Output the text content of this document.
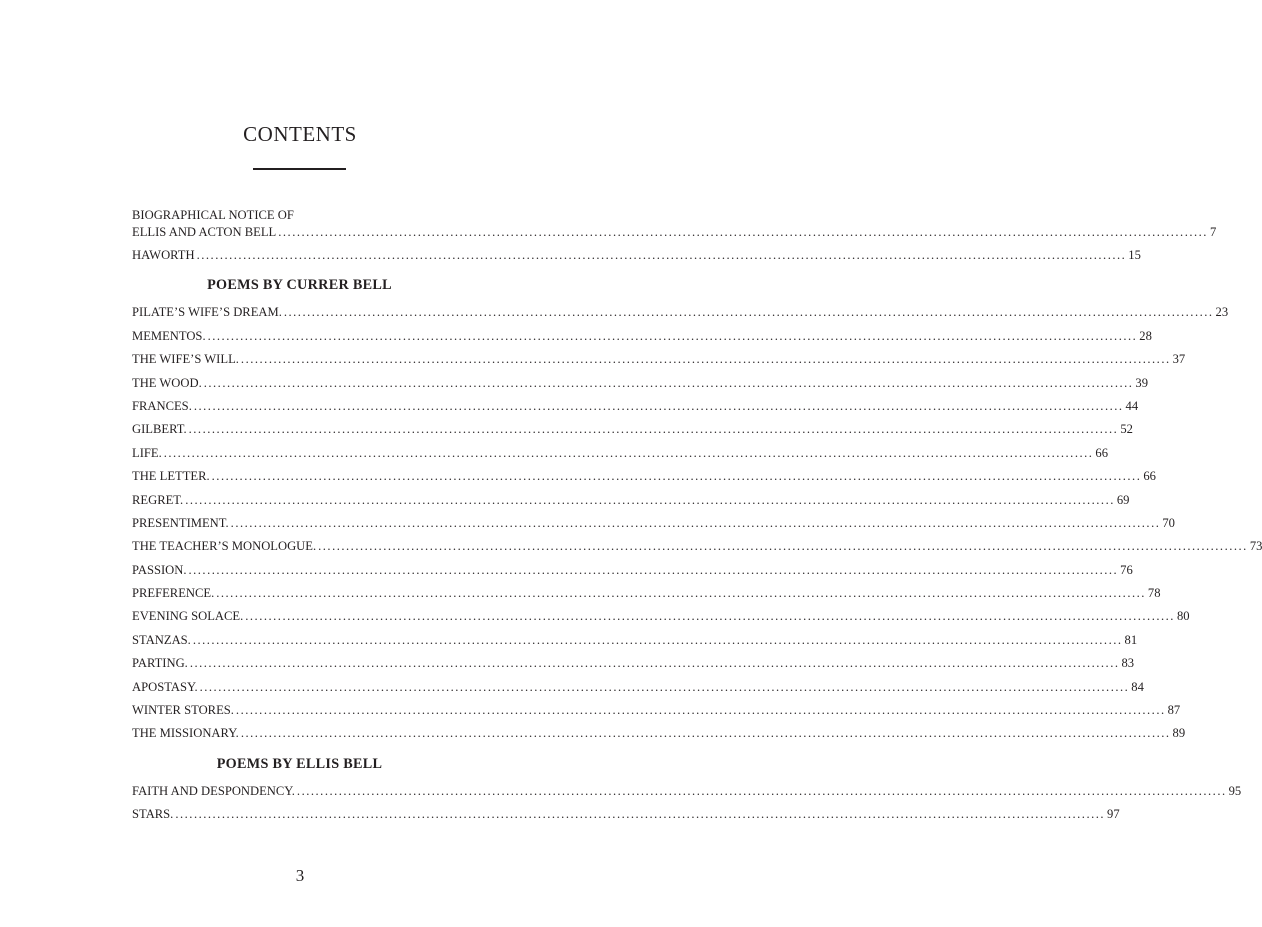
CONTENTS
BIOGRAPHICAL NOTICE OF
ELLIS AND ACTON BELL ........................................................................................................................................................................................................ 7
HAWORTH ........................................................................................................................................................................................................ 15
POEMS BY CURRER BELL
PILATE’S WIFE’S DREAM. ........................................................................................................................................................................................................ 23
MEMENTOS. ........................................................................................................................................................................................................ 28
THE WIFE’S WILL. ........................................................................................................................................................................................................ 37
THE WOOD. ........................................................................................................................................................................................................ 39
FRANCES. ........................................................................................................................................................................................................ 44
GILBERT. ........................................................................................................................................................................................................ 52
LIFE. ........................................................................................................................................................................................................ 66
THE LETTER. ........................................................................................................................................................................................................ 66
REGRET. ........................................................................................................................................................................................................ 69
PRESENTIMENT. ........................................................................................................................................................................................................ 70
THE TEACHER’S MONOLOGUE. ........................................................................................................................................................................................................ 73
PASSION. ........................................................................................................................................................................................................ 76
PREFERENCE. ........................................................................................................................................................................................................ 78
EVENING SOLACE. ........................................................................................................................................................................................................ 80
STANZAS. ........................................................................................................................................................................................................ 81
PARTING. ........................................................................................................................................................................................................ 83
APOSTASY. ........................................................................................................................................................................................................ 84
WINTER STORES. ........................................................................................................................................................................................................ 87
THE MISSIONARY. ........................................................................................................................................................................................................ 89
POEMS BY ELLIS BELL
FAITH AND DESPONDENCY. ........................................................................................................................................................................................................ 95
STARS. ........................................................................................................................................................................................................ 97
3
